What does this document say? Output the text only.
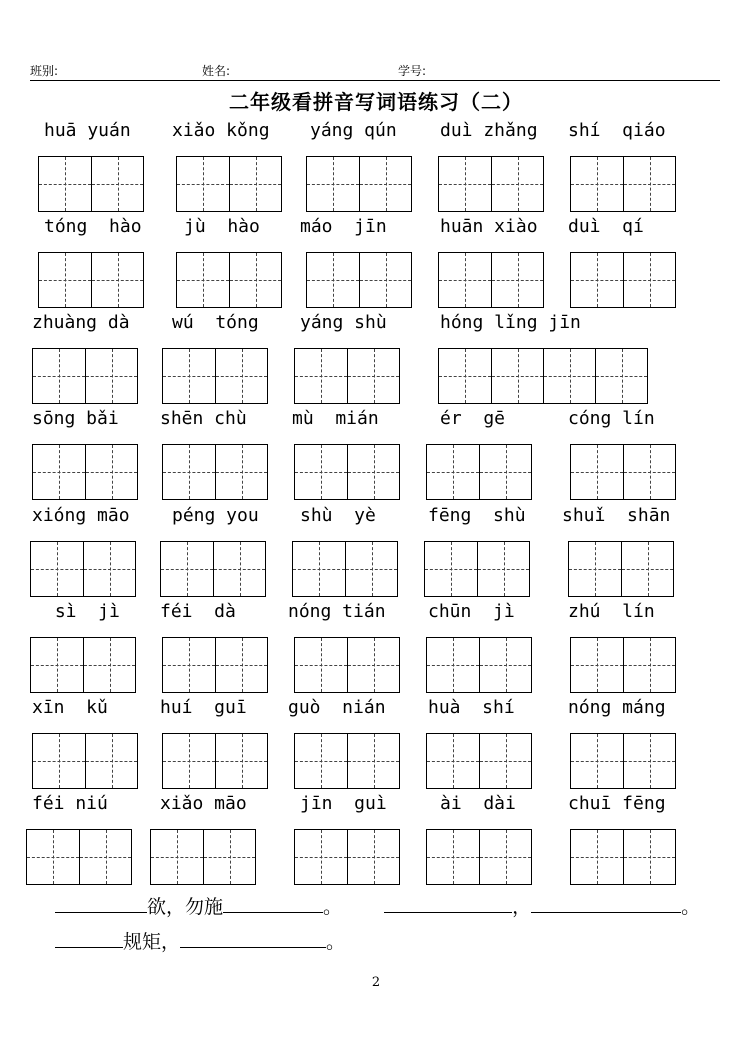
班别:	姓名:	学号:
二年级看拼音写词语练习（二）
huā yuán xiǎo kǒng yáng qún duì zhǎng shí  qiáo
tóng  hào jù  hào máo  jīn	huān xiào duì  qí
zhuàng dà wú  tóng yáng shù	hóng lǐng jīn
sōng bǎi shēn chù	mù  mián	ér  gē	cóng lín
xióng māo péng you shù  yè	fēng  shù shuǐ  shān
sì  jì féi  dà	nóng tián chūn  jì	zhú  lín
xīn  kǔ	huí  guī guò  nián huà  shí	nóng máng
féi niú	xiǎo māo	jīn  guì	ài  dài	chuī fēng
欲，勿施	。	，	。
规矩，	。
2
